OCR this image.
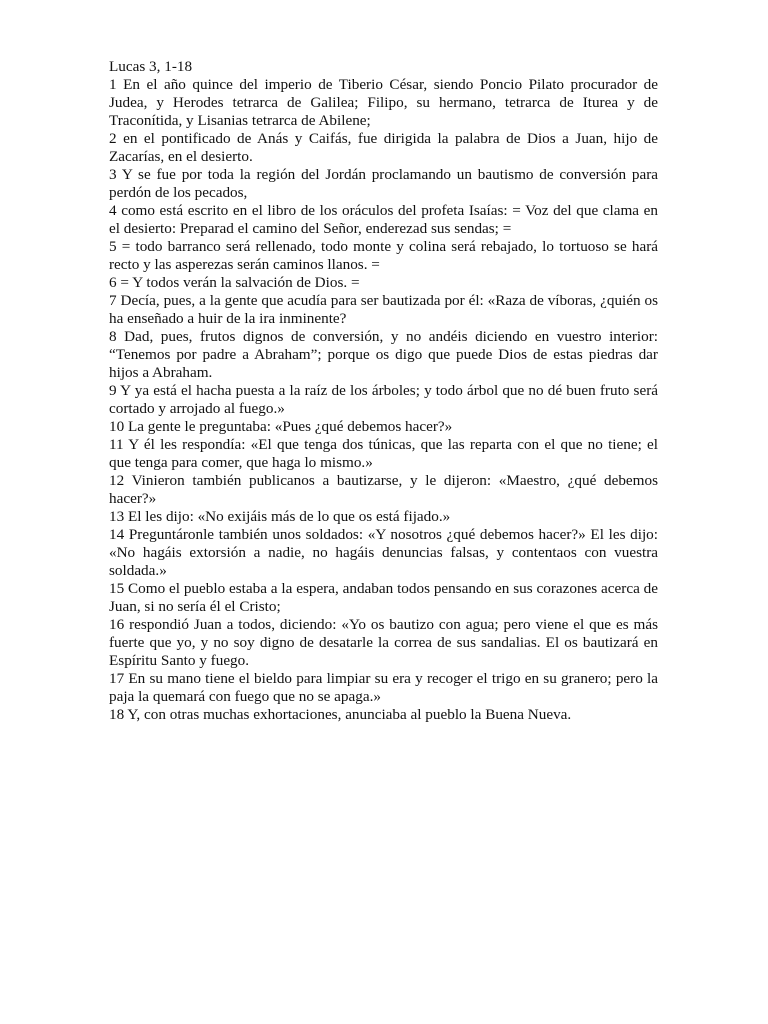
Lucas 3, 1-18

1 En el año quince del imperio de Tiberio César, siendo Poncio Pilato procurador de Judea, y Herodes tetrarca de Galilea; Filipo, su hermano, tetrarca de Iturea y de Traconítida, y Lisanias tetrarca de Abilene;

2 en el pontificado de Anás y Caifás, fue dirigida la palabra de Dios a Juan, hijo de Zacarías, en el desierto.

3 Y se fue por toda la región del Jordán proclamando un bautismo de conversión para perdón de los pecados,

4 como está escrito en el libro de los oráculos del profeta Isaías: = Voz del que clama en el desierto: Preparad el camino del Señor, enderezad sus sendas; =

5 = todo barranco será rellenado, todo monte y colina será rebajado, lo tortuoso se hará recto y las asperezas serán caminos llanos. =

6 = Y todos verán la salvación de Dios. =

7 Decía, pues, a la gente que acudía para ser bautizada por él: «Raza de víboras, ¿quién os ha enseñado a huir de la ira inminente?

8 Dad, pues, frutos dignos de conversión, y no andéis diciendo en vuestro interior: “Tenemos por padre a Abraham”; porque os digo que puede Dios de estas piedras dar hijos a Abraham.

9 Y ya está el hacha puesta a la raíz de los árboles; y todo árbol que no dé buen fruto será cortado y arrojado al fuego.»

10 La gente le preguntaba: «Pues ¿qué debemos hacer?»

11 Y él les respondía: «El que tenga dos túnicas, que las reparta con el que no tiene; el que tenga para comer, que haga lo mismo.»

12 Vinieron también publicanos a bautizarse, y le dijeron: «Maestro, ¿qué debemos hacer?»

13 El les dijo: «No exijáis más de lo que os está fijado.»

14 Preguntáronle también unos soldados: «Y nosotros ¿qué debemos hacer?» El les dijo: «No hagáis extorsión a nadie, no hagáis denuncias falsas, y contentaos con vuestra soldada.»

15 Como el pueblo estaba a la espera, andaban todos pensando en sus corazones acerca de Juan, si no sería él el Cristo;

16 respondió Juan a todos, diciendo: «Yo os bautizo con agua; pero viene el que es más fuerte que yo, y no soy digno de desatarle la correa de sus sandalias. El os bautizará en Espíritu Santo y fuego.

17 En su mano tiene el bieldo para limpiar su era y recoger el trigo en su granero; pero la paja la quemará con fuego que no se apaga.»

18 Y, con otras muchas exhortaciones, anunciaba al pueblo la Buena Nueva.
